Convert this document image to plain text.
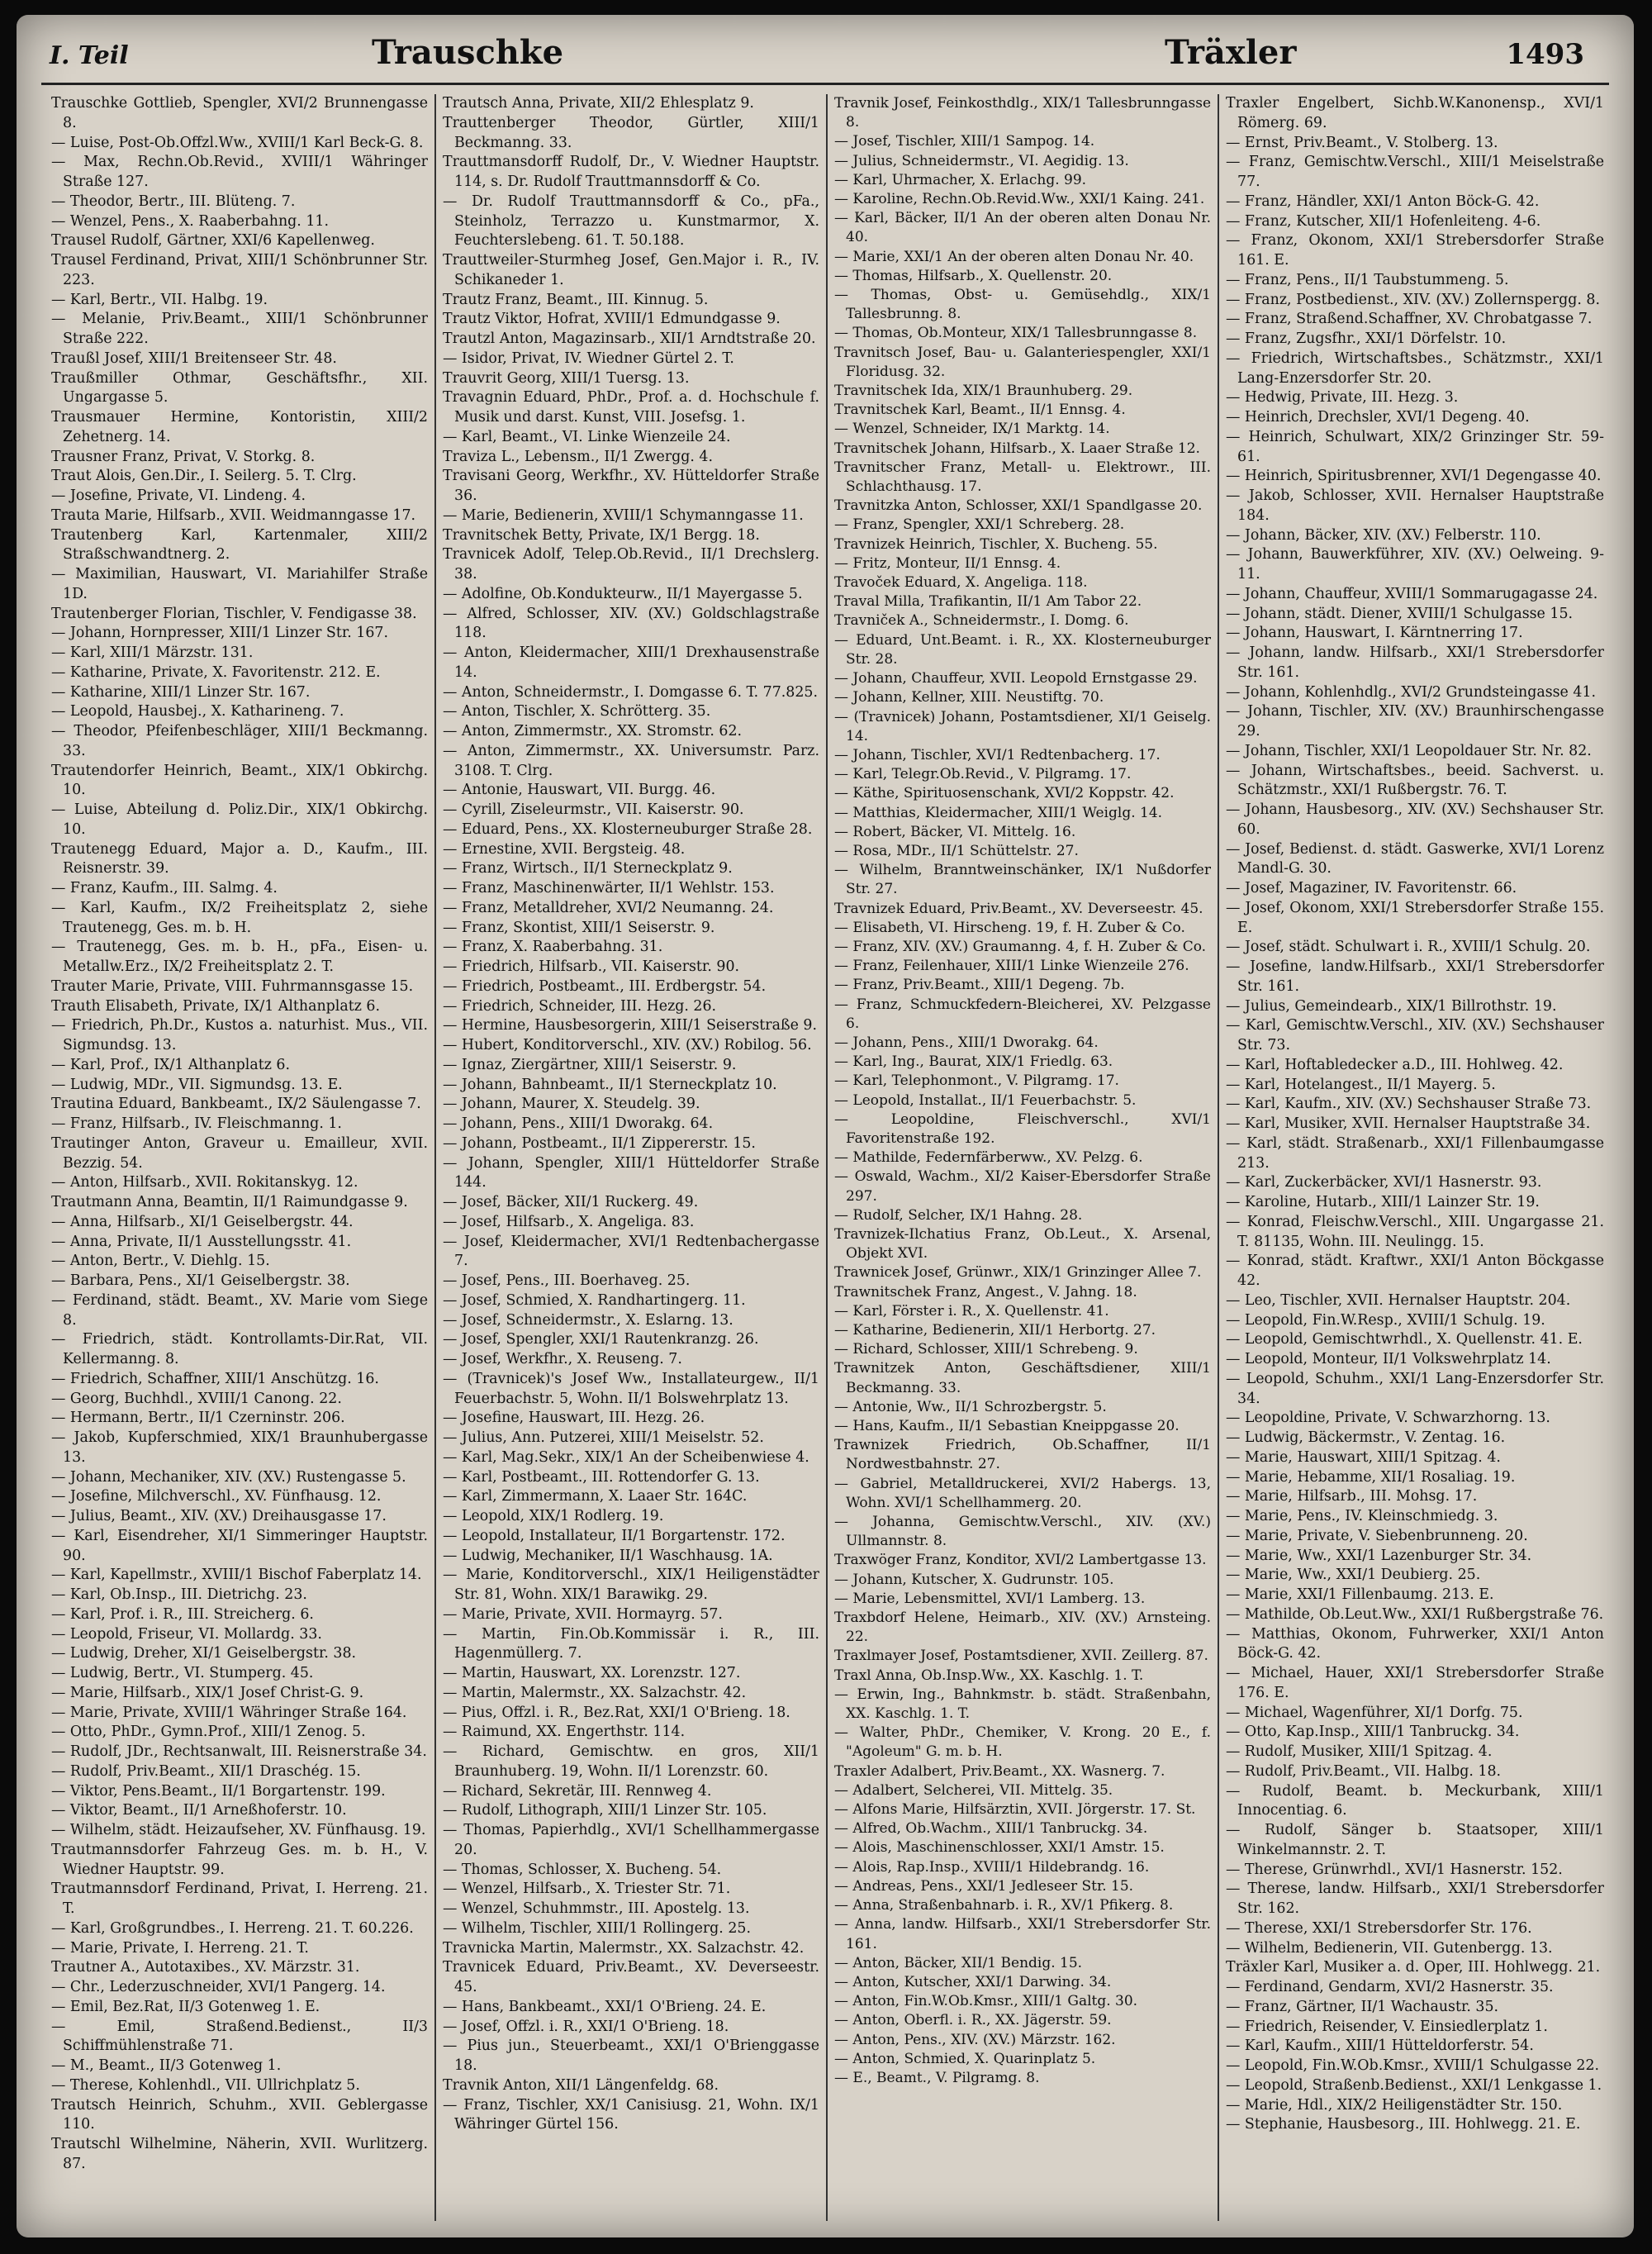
I. Teil	Trauschke	Träxler	1493
Trauschke Gottlieb, Spengler, XVI/2 Brunnengasse 8.
— Luise, Post-Ob.Offzl.Ww., XVIII/1 Karl Beck-G. 8.
— Max, Rechn.Ob.Revid., XVIII/1 Währinger Straße 127.
— Theodor, Bertr., III. Blüteng. 7.
— Wenzel, Pens., X. Raaberbahng. 11.
Trausel Rudolf, Gärtner, XXI/6 Kapellenweg.
Trausel Ferdinand, Privat, XIII/1 Schönbrunner Str. 223.
— Karl, Bertr., VII. Halbg. 19.
— Melanie, Priv.Beamt., XIII/1 Schönbrunner Straße 222.
Traußl Josef, XIII/1 Breitenseer Str. 48.
Traußmiller Othmar, Geschäftsfhr., XII. Ungargasse 5.
Trausmauer Hermine, Kontoristin, XIII/2 Zehetnerg. 14.
Trausner Franz, Privat, V. Storkg. 8.
Traut Alois, Gen.Dir., I. Seilerg. 5. T. Clrg.
— Josefine, Private, VI. Lindeng. 4.
Trauta Marie, Hilfsarb., XVII. Weidmanngasse 17.
Trautenberg Karl, Kartenmaler, XIII/2 Straßschwandtnerg. 2.
— Maximilian, Hauswart, VI. Mariahilfer Straße 1D.
Trautenberger Florian, Tischler, V. Fendigasse 38.
— Johann, Hornpresser, XIII/1 Linzer Str. 167.
— Karl, XIII/1 Märzstr. 131.
— Katharine, Private, X. Favoritenstr. 212. E.
— Katharine, XIII/1 Linzer Str. 167.
— Leopold, Hausbej., X. Katharineng. 7.
— Theodor, Pfeifenbeschläger, XIII/1 Beckmanng. 33.
Trautendorfer Heinrich, Beamt., XIX/1 Obkirchg. 10.
— Luise, Abteilung d. Poliz.Dir., XIX/1 Obkirchg. 10.
Trautenegg Eduard, Major a. D., Kaufm., III. Reisnerstr. 39.
— Franz, Kaufm., III. Salmg. 4.
— Karl, Kaufm., IX/2 Freiheitsplatz 2, siehe Trautenegg, Ges. m. b. H.
— Trautenegg, Ges. m. b. H., pFa., Eisen- u. Metallw.Erz., IX/2 Freiheitsplatz 2. T.
Trauter Marie, Private, VIII. Fuhrmannsgasse 15.
Trauth Elisabeth, Private, IX/1 Althanplatz 6.
— Friedrich, Ph.Dr., Kustos a. naturhist. Mus., VII. Sigmundsg. 13.
— Karl, Prof., IX/1 Althanplatz 6.
— Ludwig, MDr., VII. Sigmundsg. 13. E.
Trautina Eduard, Bankbeamt., IX/2 Säulengasse 7.
— Franz, Hilfsarb., IV. Fleischmanng. 1.
Trautinger Anton, Graveur u. Emailleur, XVII. Bezzig. 54.
— Anton, Hilfsarb., XVII. Rokitanskyg. 12.
Trautmann Anna, Beamtin, II/1 Raimundgasse 9.
— Anna, Hilfsarb., XI/1 Geiselbergstr. 44.
— Anna, Private, II/1 Ausstellungsstr. 41.
— Anton, Bertr., V. Diehlg. 15.
— Barbara, Pens., XI/1 Geiselbergstr. 38.
— Ferdinand, städt. Beamt., XV. Marie vom Siege 8.
— Friedrich, städt. Kontrollamts-Dir.Rat, VII. Kellermanng. 8.
— Friedrich, Schaffner, XIII/1 Anschützg. 16.
— Georg, Buchhdl., XVIII/1 Canong. 22.
— Hermann, Bertr., II/1 Czerninstr. 206.
— Jakob, Kupferschmied, XIX/1 Braunhubergasse 13.
— Johann, Mechaniker, XIV. (XV.) Rustengasse 5.
— Josefine, Milchverschl., XV. Fünfhausg. 12.
— Julius, Beamt., XIV. (XV.) Dreihausgasse 17.
— Karl, Eisendreher, XI/1 Simmeringer Hauptstr. 90.
— Karl, Kapellmstr., XVIII/1 Bischof Faberplatz 14.
— Karl, Ob.Insp., III. Dietrichg. 23.
— Karl, Prof. i. R., III. Streicherg. 6.
— Leopold, Friseur, VI. Mollardg. 33.
— Ludwig, Dreher, XI/1 Geiselbergstr. 38.
— Ludwig, Bertr., VI. Stumperg. 45.
— Marie, Hilfsarb., XIX/1 Josef Christ-G. 9.
— Marie, Private, XVIII/1 Währinger Straße 164.
— Otto, PhDr., Gymn.Prof., XIII/1 Zenog. 5.
— Rudolf, JDr., Rechtsanwalt, III. Reisnerstraße 34.
— Rudolf, Priv.Beamt., XII/1 Draschég. 15.
— Viktor, Pens.Beamt., II/1 Borgartenstr. 199.
— Viktor, Beamt., II/1 Arneßhoferstr. 10.
— Wilhelm, städt. Heizaufseher, XV. Fünfhausg. 19.
Trautmannsdorfer Fahrzeug Ges. m. b. H., V. Wiedner Hauptstr. 99.
Trautmannsdorf Ferdinand, Privat, I. Herreng. 21. T.
— Karl, Großgrundbes., I. Herreng. 21. T. 60.226.
— Marie, Private, I. Herreng. 21. T.
Trautner A., Autotaxibes., XV. Märzstr. 31.
— Chr., Lederzuschneider, XVI/1 Pangerg. 14.
— Emil, Bez.Rat, II/3 Gotenweg 1. E.
— Emil, Straßend.Bedienst., II/3 Schiffmühlenstraße 71.
— M., Beamt., II/3 Gotenweg 1.
— Therese, Kohlenhdl., VII. Ullrichplatz 5.
Trautsch Heinrich, Schuhm., XVII. Geblergasse 110.
Trautschl Wilhelmine, Näherin, XVII. Wurlitzerg. 87.
Trautsch Anna, Private, XII/2 Ehlesplatz 9.
Trauttenberger Theodor, Gürtler, XIII/1 Beckmanng. 33.
Trauttmansdorff Rudolf, Dr., V. Wiedner Hauptstr. 114, s. Dr. Rudolf Trauttmannsdorff & Co.
— Dr. Rudolf Trauttmannsdorff & Co., pFa., Steinholz, Terrazzo u. Kunstmarmor, X. Feuchterslebeng. 61. T. 50.188.
Trauttweiler-Sturmheg Josef, Gen.Major i. R., IV. Schikaneder 1.
Trautz Franz, Beamt., III. Kinnug. 5.
Trautz Viktor, Hofrat, XVIII/1 Edmundgasse 9.
Trautzl Anton, Magazinsarb., XII/1 Arndtstraße 20.
— Isidor, Privat, IV. Wiedner Gürtel 2. T.
Trauvrit Georg, XIII/1 Tuersg. 13.
Travagnin Eduard, PhDr., Prof. a. d. Hochschule f. Musik und darst. Kunst, VIII. Josefsg. 1.
— Karl, Beamt., VI. Linke Wienzeile 24.
Traviza L., Lebensm., II/1 Zwergg. 4.
Travisani Georg, Werkfhr., XV. Hütteldorfer Straße 36.
— Marie, Bedienerin, XVIII/1 Schymanngasse 11.
Travnitschek Betty, Private, IX/1 Bergg. 18.
Travnicek Adolf, Telep.Ob.Revid., II/1 Drechslerg. 38.
— Adolfine, Ob.Kondukteurw., II/1 Mayergasse 5.
— Alfred, Schlosser, XIV. (XV.) Goldschlagstraße 118.
— Anton, Kleidermacher, XIII/1 Drexhausenstraße 14.
— Anton, Schneidermstr., I. Domgasse 6. T. 77.825.
— Anton, Tischler, X. Schrötterg. 35.
— Anton, Zimmermstr., XX. Stromstr. 62.
— Anton, Zimmermstr., XX. Universumstr. Parz. 3108. T. Clrg.
— Antonie, Hauswart, VII. Burgg. 46.
— Cyrill, Ziseleurmstr., VII. Kaiserstr. 90.
— Eduard, Pens., XX. Klosterneuburger Straße 28.
— Ernestine, XVII. Bergsteig. 48.
— Franz, Wirtsch., II/1 Sterneckplatz 9.
— Franz, Maschinenwärter, II/1 Wehlstr. 153.
— Franz, Metalldreher, XVI/2 Neumanng. 24.
— Franz, Skontist, XIII/1 Seiserstr. 9.
— Franz, X. Raaberbahng. 31.
— Friedrich, Hilfsarb., VII. Kaiserstr. 90.
— Friedrich, Postbeamt., III. Erdbergstr. 54.
— Friedrich, Schneider, III. Hezg. 26.
— Hermine, Hausbesorgerin, XIII/1 Seiserstraße 9.
— Hubert, Konditorverschl., XIV. (XV.) Robilog. 56.
— Ignaz, Ziergärtner, XIII/1 Seiserstr. 9.
— Johann, Bahnbeamt., II/1 Sterneckplatz 10.
— Johann, Maurer, X. Steudelg. 39.
— Johann, Pens., XIII/1 Dworakg. 64.
— Johann, Postbeamt., II/1 Zippererstr. 15.
— Johann, Spengler, XIII/1 Hütteldorfer Straße 144.
— Josef, Bäcker, XII/1 Ruckerg. 49.
— Josef, Hilfsarb., X. Angeliga. 83.
— Josef, Kleidermacher, XVI/1 Redtenbachergasse 7.
— Josef, Pens., III. Boerhaveg. 25.
— Josef, Schmied, X. Randhartingerg. 11.
— Josef, Schneidermstr., X. Eslarng. 13.
— Josef, Spengler, XXI/1 Rautenkranzg. 26.
— Josef, Werkfhr., X. Reuseng. 7.
— (Travnicek)'s Josef Ww., Installateurgew., II/1 Feuerbachstr. 5, Wohn. II/1 Bolswehrplatz 13.
— Josefine, Hauswart, III. Hezg. 26.
— Julius, Ann. Putzerei, XIII/1 Meiselstr. 52.
— Karl, Mag.Sekr., XIX/1 An der Scheibenwiese 4.
— Karl, Postbeamt., III. Rottendorfer G. 13.
— Karl, Zimmermann, X. Laaer Str. 164C.
— Leopold, XIX/1 Rodlerg. 19.
— Leopold, Installateur, II/1 Borgartenstr. 172.
— Ludwig, Mechaniker, II/1 Waschhausg. 1A.
— Marie, Konditorverschl., XIX/1 Heiligenstädter Str. 81, Wohn. XIX/1 Barawikg. 29.
— Marie, Private, XVII. Hormayrg. 57.
— Martin, Fin.Ob.Kommissär i. R., III. Hagenmüllerg. 7.
— Martin, Hauswart, XX. Lorenzstr. 127.
— Martin, Malermstr., XX. Salzachstr. 42.
— Pius, Offzl. i. R., Bez.Rat, XXI/1 O'Brieng. 18.
— Raimund, XX. Engerthstr. 114.
— Richard, Gemischtw. en gros, XII/1 Braunhuberg. 19, Wohn. II/1 Lorenzstr. 60.
— Richard, Sekretär, III. Rennweg 4.
— Rudolf, Lithograph, XIII/1 Linzer Str. 105.
— Thomas, Papierhdlg., XVI/1 Schellhammergasse 20.
— Thomas, Schlosser, X. Bucheng. 54.
— Wenzel, Hilfsarb., X. Triester Str. 71.
— Wenzel, Schuhmmstr., III. Apostelg. 13.
— Wilhelm, Tischler, XIII/1 Rollingerg. 25.
Travnicka Martin, Malermstr., XX. Salzachstr. 42.
Travnicek Eduard, Priv.Beamt., XV. Deverseestr. 45.
— Hans, Bankbeamt., XXI/1 O'Brieng. 24. E.
— Josef, Offzl. i. R., XXI/1 O'Brieng. 18.
— Pius jun., Steuerbeamt., XXI/1 O'Brienggasse 18.
Travnik Anton, XII/1 Längenfeldg. 68.
— Franz, Tischler, XX/1 Canisiusg. 21, Wohn. IX/1 Währinger Gürtel 156.
Travnik Josef, Feinkosthdlg., XIX/1 Tallesbrunngasse 8.
— Josef, Tischler, XIII/1 Sampog. 14.
— Julius, Schneidermstr., VI. Aegidig. 13.
— Karl, Uhrmacher, X. Erlachg. 99.
— Karoline, Rechn.Ob.Revid.Ww., XXI/1 Kaing. 241.
— Karl, Bäcker, II/1 An der oberen alten Donau Nr. 40.
— Marie, XXI/1 An der oberen alten Donau Nr. 40.
— Thomas, Hilfsarb., X. Quellenstr. 20.
— Thomas, Obst- u. Gemüsehdlg., XIX/1 Tallesbrunng. 8.
— Thomas, Ob.Monteur, XIX/1 Tallesbrunngasse 8.
Travnitsch Josef, Bau- u. Galanteriespengler, XXI/1 Floridusg. 32.
Travnitschek Ida, XIX/1 Braunhuberg. 29.
Travnitschek Karl, Beamt., II/1 Ennsg. 4.
— Wenzel, Schneider, IX/1 Marktg. 14.
Travnitschek Johann, Hilfsarb., X. Laaer Straße 12.
Travnitscher Franz, Metall- u. Elektrowr., III. Schlachthausg. 17.
Travnitzka Anton, Schlosser, XXI/1 Spandlgasse 20.
— Franz, Spengler, XXI/1 Schreberg. 28.
Travnizek Heinrich, Tischler, X. Bucheng. 55.
— Fritz, Monteur, II/1 Ennsg. 4.
Travoček Eduard, X. Angeliga. 118.
Traval Milla, Trafikantin, II/1 Am Tabor 22.
Travniček A., Schneidermstr., I. Domg. 6.
— Eduard, Unt.Beamt. i. R., XX. Klosterneuburger Str. 28.
— Johann, Chauffeur, XVII. Leopold Ernstgasse 29.
— Johann, Kellner, XIII. Neustiftg. 70.
— (Travnicek) Johann, Postamtsdiener, XI/1 Geiselg. 14.
— Johann, Tischler, XVI/1 Redtenbacherg. 17.
— Karl, Telegr.Ob.Revid., V. Pilgramg. 17.
— Käthe, Spirituosenschank, XVI/2 Koppstr. 42.
— Matthias, Kleidermacher, XIII/1 Weiglg. 14.
— Robert, Bäcker, VI. Mittelg. 16.
— Rosa, MDr., II/1 Schüttelstr. 27.
— Wilhelm, Branntweinschänker, IX/1 Nußdorfer Str. 27.
Travnizek Eduard, Priv.Beamt., XV. Deverseestr. 45.
— Elisabeth, VI. Hirscheng. 19, f. H. Zuber & Co.
— Franz, XIV. (XV.) Graumanng. 4, f. H. Zuber & Co.
— Franz, Feilenhauer, XIII/1 Linke Wienzeile 276.
— Franz, Priv.Beamt., XIII/1 Degeng. 7b.
— Franz, Schmuckfedern-Bleicherei, XV. Pelzgasse 6.
— Johann, Pens., XIII/1 Dworakg. 64.
— Karl, Ing., Baurat, XIX/1 Friedlg. 63.
— Karl, Telephonmont., V. Pilgramg. 17.
— Leopold, Installat., II/1 Feuerbachstr. 5.
— Leopoldine, Fleischverschl., XVI/1 Favoritenstraße 192.
— Mathilde, Federnfärberww., XV. Pelzg. 6.
— Oswald, Wachm., XI/2 Kaiser-Ebersdorfer Straße 297.
— Rudolf, Selcher, IX/1 Hahng. 28.
Travnizek-Ilchatius Franz, Ob.Leut., X. Arsenal, Objekt XVI.
Trawnicek Josef, Grünwr., XIX/1 Grinzinger Allee 7.
Trawnitschek Franz, Angest., V. Jahng. 18.
— Karl, Förster i. R., X. Quellenstr. 41.
— Katharine, Bedienerin, XII/1 Herbortg. 27.
— Richard, Schlosser, XIII/1 Schrebeng. 9.
Trawnitzek Anton, Geschäftsdiener, XIII/1 Beckmanng. 33.
— Antonie, Ww., II/1 Schrozbergstr. 5.
— Hans, Kaufm., II/1 Sebastian Kneippgasse 20.
Trawnizek Friedrich, Ob.Schaffner, II/1 Nordwestbahnstr. 27.
— Gabriel, Metalldruckerei, XVI/2 Habergs. 13, Wohn. XVI/1 Schellhammerg. 20.
— Johanna, Gemischtw.Verschl., XIV. (XV.) Ullmannstr. 8.
Traxwöger Franz, Konditor, XVI/2 Lambertgasse 13.
— Johann, Kutscher, X. Gudrunstr. 105.
— Marie, Lebensmittel, XVI/1 Lamberg. 13.
Traxbdorf Helene, Heimarb., XIV. (XV.) Arnsteing. 22.
Traxlmayer Josef, Postamtsdiener, XVII. Zeillerg. 87.
Traxl Anna, Ob.Insp.Ww., XX. Kaschlg. 1. T.
— Erwin, Ing., Bahnkmstr. b. städt. Straßenbahn, XX. Kaschlg. 1. T.
— Walter, PhDr., Chemiker, V. Krong. 20 E., f. "Agoleum" G. m. b. H.
Traxler Adalbert, Priv.Beamt., XX. Wasnerg. 7.
— Adalbert, Selcherei, VII. Mittelg. 35.
— Alfons Marie, Hilfsärztin, XVII. Jörgerstr. 17. St.
— Alfred, Ob.Wachm., XIII/1 Tanbruckg. 34.
— Alois, Maschinenschlosser, XXI/1 Amstr. 15.
— Alois, Rap.Insp., XVIII/1 Hildebrandg. 16.
— Andreas, Pens., XXI/1 Jedleseer Str. 15.
— Anna, Straßenbahnarb. i. R., XV/1 Pfikerg. 8.
— Anna, landw. Hilfsarb., XXI/1 Strebersdorfer Str. 161.
— Anton, Bäcker, XII/1 Bendig. 15.
— Anton, Kutscher, XXI/1 Darwing. 34.
— Anton, Fin.W.Ob.Kmsr., XIII/1 Galtg. 30.
— Anton, Oberfl. i. R., XX. Jägerstr. 59.
— Anton, Pens., XIV. (XV.) Märzstr. 162.
— Anton, Schmied, X. Quarinplatz 5.
— E., Beamt., V. Pilgramg. 8.
Traxler Engelbert, Sichb.W.Kanonensp., XVI/1 Römerg. 69.
— Ernst, Priv.Beamt., V. Stolberg. 13.
— Franz, Gemischtw.Verschl., XIII/1 Meiselstraße 77.
— Franz, Händler, XXI/1 Anton Böck-G. 42.
— Franz, Kutscher, XII/1 Hofenleiteng. 4-6.
— Franz, Okonom, XXI/1 Strebersdorfer Straße 161. E.
— Franz, Pens., II/1 Taubstummeng. 5.
— Franz, Postbedienst., XIV. (XV.) Zollernspergg. 8.
— Franz, Straßend.Schaffner, XV. Chrobatgasse 7.
— Franz, Zugsfhr., XXI/1 Dörfelstr. 10.
— Friedrich, Wirtschaftsbes., Schätzmstr., XXI/1 Lang-Enzersdorfer Str. 20.
— Hedwig, Private, III. Hezg. 3.
— Heinrich, Drechsler, XVI/1 Degeng. 40.
— Heinrich, Schulwart, XIX/2 Grinzinger Str. 59-61.
— Heinrich, Spiritusbrenner, XVI/1 Degengasse 40.
— Jakob, Schlosser, XVII. Hernalser Hauptstraße 184.
— Johann, Bäcker, XIV. (XV.) Felberstr. 110.
— Johann, Bauwerkführer, XIV. (XV.) Oelweing. 9-11.
— Johann, Chauffeur, XVIII/1 Sommarugagasse 24.
— Johann, städt. Diener, XVIII/1 Schulgasse 15.
— Johann, Hauswart, I. Kärntnerring 17.
— Johann, landw. Hilfsarb., XXI/1 Strebersdorfer Str. 161.
— Johann, Kohlenhdlg., XVI/2 Grundsteingasse 41.
— Johann, Tischler, XIV. (XV.) Braunhirschengasse 29.
— Johann, Tischler, XXI/1 Leopoldauer Str. Nr. 82.
— Johann, Wirtschaftsbes., beeid. Sachverst. u. Schätzmstr., XXI/1 Rußbergstr. 76. T.
— Johann, Hausbesorg., XIV. (XV.) Sechshauser Str. 60.
— Josef, Bedienst. d. städt. Gaswerke, XVI/1 Lorenz Mandl-G. 30.
— Josef, Magaziner, IV. Favoritenstr. 66.
— Josef, Okonom, XXI/1 Strebersdorfer Straße 155. E.
— Josef, städt. Schulwart i. R., XVIII/1 Schulg. 20.
— Josefine, landw.Hilfsarb., XXI/1 Strebersdorfer Str. 161.
— Julius, Gemeindearb., XIX/1 Billrothstr. 19.
— Karl, Gemischtw.Verschl., XIV. (XV.) Sechshauser Str. 73.
— Karl, Hoftabledecker a.D., III. Hohlweg. 42.
— Karl, Hotelangest., II/1 Mayerg. 5.
— Karl, Kaufm., XIV. (XV.) Sechshauser Straße 73.
— Karl, Musiker, XVII. Hernalser Hauptstraße 34.
— Karl, städt. Straßenarb., XXI/1 Fillenbaumgasse 213.
— Karl, Zuckerbäcker, XVI/1 Hasnerstr. 93.
— Karoline, Hutarb., XIII/1 Lainzer Str. 19.
— Konrad, Fleischw.Verschl., XIII. Ungargasse 21. T. 81135, Wohn. III. Neulingg. 15.
— Konrad, städt. Kraftwr., XXI/1 Anton Böckgasse 42.
— Leo, Tischler, XVII. Hernalser Hauptstr. 204.
— Leopold, Fin.W.Resp., XVIII/1 Schulg. 19.
— Leopold, Gemischtwrhdl., X. Quellenstr. 41. E.
— Leopold, Monteur, II/1 Volkswehrplatz 14.
— Leopold, Schuhm., XXI/1 Lang-Enzersdorfer Str. 34.
— Leopoldine, Private, V. Schwarzhorng. 13.
— Ludwig, Bäckermstr., V. Zentag. 16.
— Marie, Hauswart, XIII/1 Spitzag. 4.
— Marie, Hebamme, XII/1 Rosaliag. 19.
— Marie, Hilfsarb., III. Mohsg. 17.
— Marie, Pens., IV. Kleinschmiedg. 3.
— Marie, Private, V. Siebenbrunneng. 20.
— Marie, Ww., XXI/1 Lazenburger Str. 34.
— Marie, Ww., XXI/1 Deubierg. 25.
— Marie, XXI/1 Fillenbaumg. 213. E.
— Mathilde, Ob.Leut.Ww., XXI/1 Rußbergstraße 76.
— Matthias, Okonom, Fuhrwerker, XXI/1 Anton Böck-G. 42.
— Michael, Hauer, XXI/1 Strebersdorfer Straße 176. E.
— Michael, Wagenführer, XI/1 Dorfg. 75.
— Otto, Kap.Insp., XIII/1 Tanbruckg. 34.
— Rudolf, Musiker, XIII/1 Spitzag. 4.
— Rudolf, Priv.Beamt., VII. Halbg. 18.
— Rudolf, Beamt. b. Meckurbank, XIII/1 Innocentiag. 6.
— Rudolf, Sänger b. Staatsoper, XIII/1 Winkelmannstr. 2. T.
— Therese, Grünwrhdl., XVI/1 Hasnerstr. 152.
— Therese, landw. Hilfsarb., XXI/1 Strebersdorfer Str. 162.
— Therese, XXI/1 Strebersdorfer Str. 176.
— Wilhelm, Bedienerin, VII. Gutenbergg. 13.
Träxler Karl, Musiker a. d. Oper, III. Hohlwegg. 21.
— Ferdinand, Gendarm, XVI/2 Hasnerstr. 35.
— Franz, Gärtner, II/1 Wachaustr. 35.
— Friedrich, Reisender, V. Einsiedlerplatz 1.
— Karl, Kaufm., XIII/1 Hütteldorferstr. 54.
— Leopold, Fin.W.Ob.Kmsr., XVIII/1 Schulgasse 22.
— Leopold, Straßenb.Bedienst., XXI/1 Lenkgasse 1.
— Marie, Hdl., XIX/2 Heiligenstädter Str. 150.
— Stephanie, Hausbesorg., III. Hohlwegg. 21. E.
